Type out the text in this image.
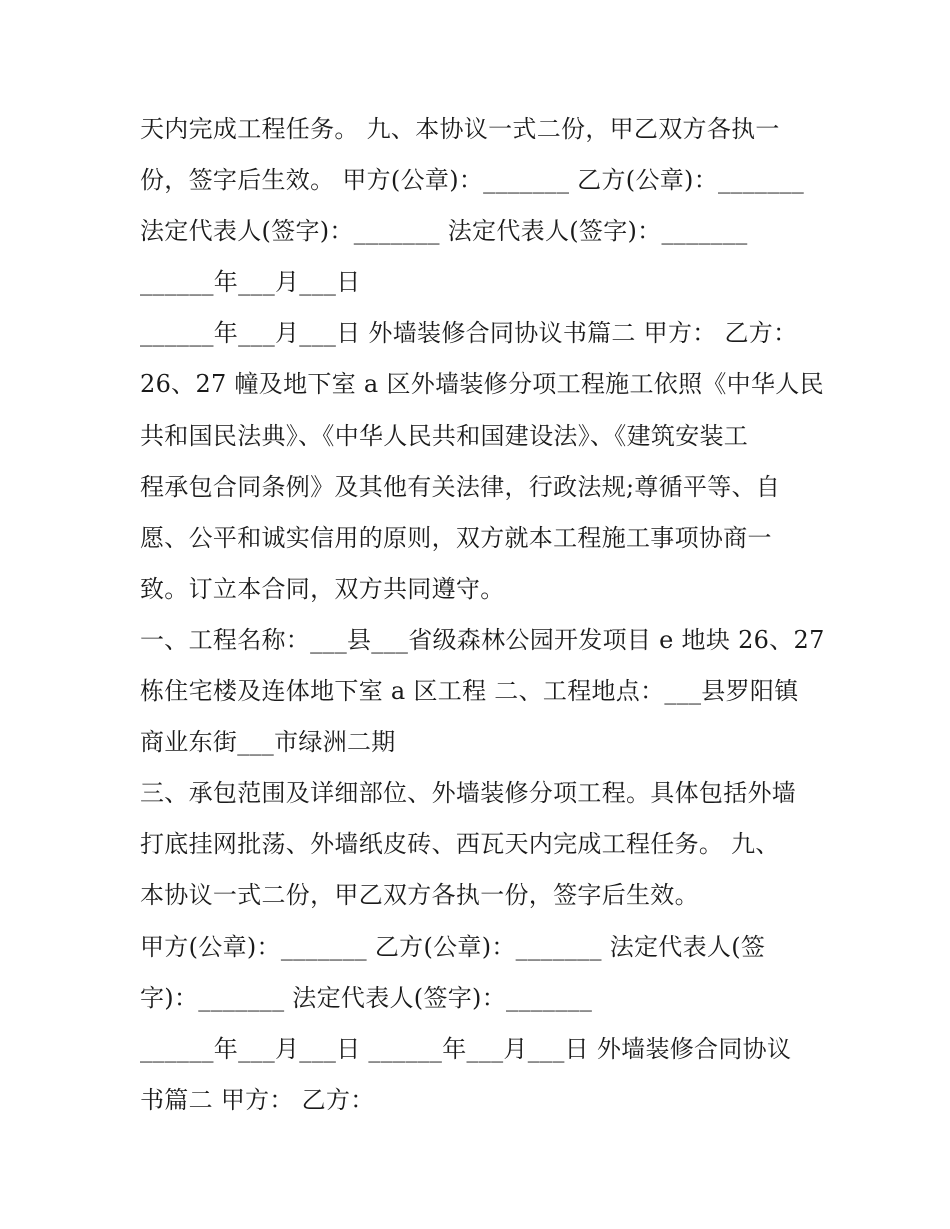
天内完成工程任务。 九、本协议一式二份，甲乙双方各执一
份，签字后生效。 甲方(公章)：_______ 乙方(公章)：_______
法定代表人(签字)：_______ 法定代表人(签字)：_______
______年___月___日
______年___月___日 外墙装修合同协议书篇二 甲方： 乙方：
26、27 幢及地下室 a 区外墙装修分项工程施工依照《中华人民
共和国民法典》、《中华人民共和国建设法》、《建筑安装工
程承包合同条例》及其他有关法律，行政法规;尊循平等、自
愿、公平和诚实信用的原则，双方就本工程施工事项协商一
致。订立本合同，双方共同遵守。
一、工程名称：___县___省级森林公园开发项目 e 地块 26、27
栋住宅楼及连体地下室 a 区工程 二、工程地点：___县罗阳镇
商业东街___市绿洲二期
三、承包范围及详细部位、外墙装修分项工程。具体包括外墙
打底挂网批荡、外墙纸皮砖、西瓦天内完成工程任务。 九、
本协议一式二份，甲乙双方各执一份，签字后生效。
甲方(公章)：_______ 乙方(公章)：_______ 法定代表人(签
字)：_______ 法定代表人(签字)：_______
______年___月___日 ______年___月___日 外墙装修合同协议
书篇二 甲方： 乙方：
